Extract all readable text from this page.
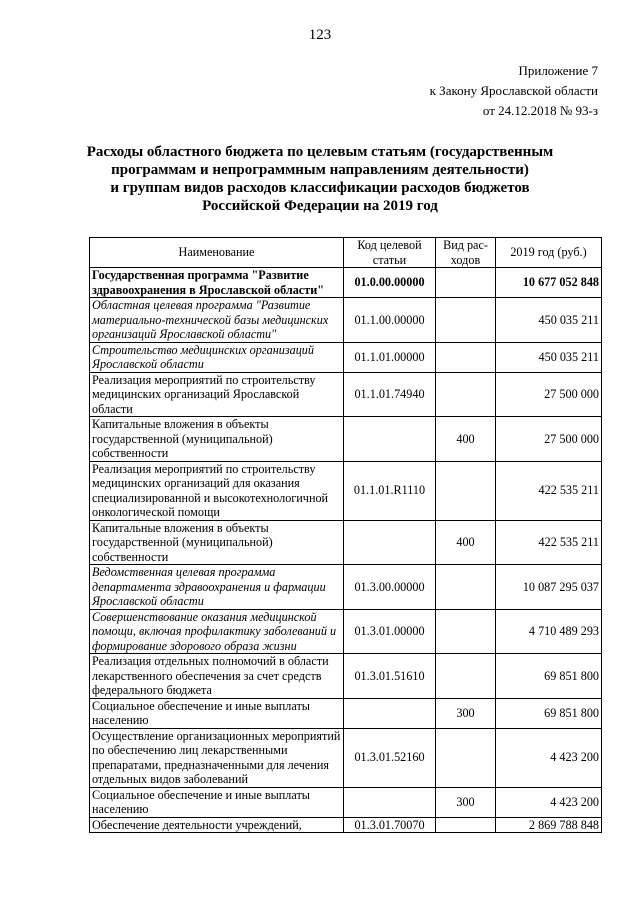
123
Приложение 7
к Закону Ярославской области
от 24.12.2018 № 93-з
Расходы областного бюджета по целевым статьям (государственным
программам и непрограммным направлениям деятельности)
и группам видов расходов классификации расходов бюджетов
Российской Федерации на 2019 год
Наименование	Код целевой статьи	Вид рас-ходов	2019 год (руб.)
Государственная программа "Развитие здравоохранения в Ярославской области"	01.0.00.00000		10 677 052 848
Областная целевая программа "Развитие материально-технической базы медицинских организаций Ярославской области"	01.1.00.00000		450 035 211
Строительство медицинских организаций Ярославской области	01.1.01.00000		450 035 211
Реализация мероприятий по строительству медицинских организаций Ярославской области	01.1.01.74940		27 500 000
Капитальные вложения в объекты государственной (муниципальной) собственности		400	27 500 000
Реализация мероприятий по строительству медицинских организаций для оказания специализированной и высокотехнологичной онкологической помощи	01.1.01.R1110		422 535 211
Капитальные вложения в объекты государственной (муниципальной) собственности		400	422 535 211
Ведомственная целевая программа департамента здравоохранения и фармации Ярославской области	01.3.00.00000		10 087 295 037
Совершенствование оказания медицинской помощи, включая профилактику заболеваний и формирование здорового образа жизни	01.3.01.00000		4 710 489 293
Реализация отдельных полномочий в области лекарственного обеспечения за счет средств федерального бюджета	01.3.01.51610		69 851 800
Социальное обеспечение и иные выплаты населению		300	69 851 800
Осуществление организационных мероприятий по обеспечению лиц лекарственными препаратами, предназначенными для лечения отдельных видов заболеваний	01.3.01.52160		4 423 200
Социальное обеспечение и иные выплаты населению		300	4 423 200
Обеспечение деятельности учреждений,	01.3.01.70070		2 869 788 848
